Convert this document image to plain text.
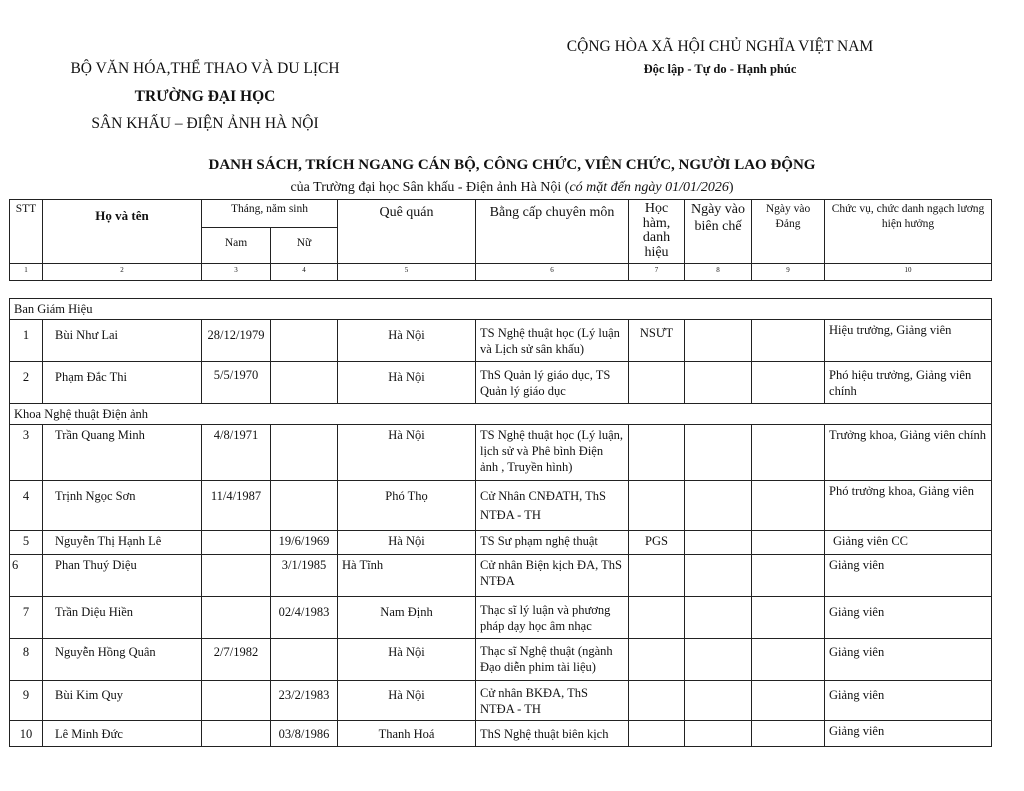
BỘ VĂN HÓA,THỂ THAO VÀ DU LỊCH
TRƯỜNG ĐẠI HỌC
SÂN KHẤU – ĐIỆN ẢNH HÀ NỘI
CỘNG HÒA XÃ HỘI CHỦ NGHĨA VIỆT NAM
Độc lập - Tự do - Hạnh phúc
DANH SÁCH, TRÍCH NGANG CÁN BỘ, CÔNG CHỨC, VIÊN CHỨC, NGƯỜI LAO ĐỘNG
của Trường đại học Sân khấu - Điện ảnh Hà Nội (có mặt đến ngày 01/01/2026)
STT	Họ và tên	Tháng, năm sinh		Quê quán	Bằng cấp chuyên môn	Học hàm, danh hiệu	Ngày vào biên chế	Ngày vào Đảng	Chức vụ, chức danh ngạch lương hiện hưởng
		Nam	Nữ						
1	2	3	4	5	6	7	8	9	10

Ban Giám Hiệu									
1	Bùi Như Lai	28/12/1979		Hà Nội	TS Nghệ thuật học (Lý luận và Lịch sử sân khấu)	NSƯT			Hiệu trưởng, Giảng viên
2	Phạm Đắc Thi	5/5/1970		Hà Nội	ThS Quản lý giáo dục, TS Quản lý giáo dục				Phó hiệu trưởng, Giảng viên chính
Khoa Nghệ thuật Điện ảnh									
3	Trần Quang Minh	4/8/1971		Hà Nội	TS Nghệ thuật học (Lý luận, lịch sử và Phê bình Điện ảnh , Truyền hình)				Trưởng khoa, Giảng viên chính
4	Trịnh Ngọc Sơn	11/4/1987		Phó Thọ	Cử Nhân CNĐATH, ThS NTĐA - TH				Phó trưởng khoa, Giảng viên
5	Nguyễn Thị Hạnh Lê		19/6/1969	Hà Nội	TS Sư phạm nghệ thuật	PGS			Giảng viên CC
6	Phan Thuý Diệu		3/1/1985	Hà Tĩnh	Cử nhân Biện kịch ĐA, ThS NTĐA				Giảng viên
7	Trần Diệu Hiền		02/4/1983	Nam Định	Thạc sĩ lý luận và phương pháp dạy học âm nhạc				Giảng viên
8	Nguyễn Hồng Quân	2/7/1982		Hà Nội	Thạc sĩ Nghệ thuật (ngành Đạo diễn phim tài liệu)				Giảng viên
9	Bùi Kim Quy		23/2/1983	Hà Nội	Cử nhân BKĐA, ThS NTĐA - TH				Giảng viên
10	Lê Minh Đức		03/8/1986	Thanh Hoá	ThS Nghệ thuật biên kịch				Giảng viên
